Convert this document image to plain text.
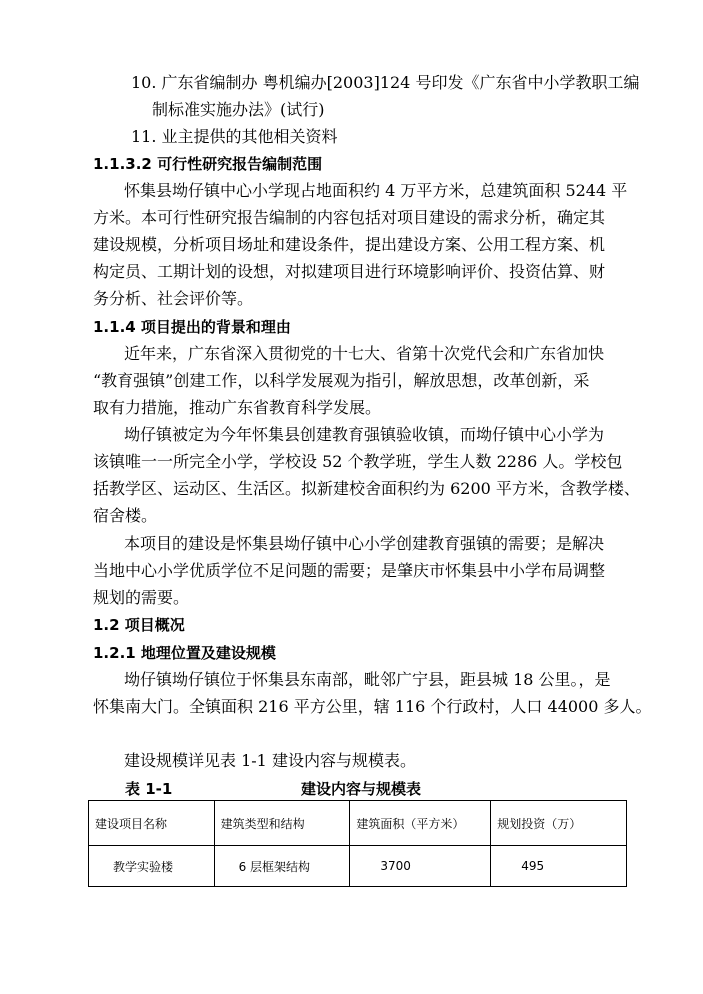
10. 广东省编制办 粤机编办[2003]124 号印发《广东省中小学教职工编
制标准实施办法》(试行)
11. 业主提供的其他相关资料
1.1.3.2 可行性研究报告编制范围
怀集县坳仔镇中心小学现占地面积约 4 万平方米，总建筑面积 5244 平
方米。本可行性研究报告编制的内容包括对项目建设的需求分析，确定其
建设规模，分析项目场址和建设条件，提出建设方案、公用工程方案、机
构定员、工期计划的设想，对拟建项目进行环境影响评价、投资估算、财
务分析、社会评价等。
1.1.4 项目提出的背景和理由
近年来，广东省深入贯彻党的十七大、省第十次党代会和广东省加快
“教育强镇”创建工作，以科学发展观为指引，解放思想，改革创新，采
取有力措施，推动广东省教育科学发展。
坳仔镇被定为今年怀集县创建教育强镇验收镇，而坳仔镇中心小学为
该镇唯一一所完全小学，学校设 52 个教学班，学生人数 2286 人。学校包
括教学区、运动区、生活区。拟新建校舍面积约为 6200 平方米，含教学楼、
宿舍楼。
本项目的建设是怀集县坳仔镇中心小学创建教育强镇的需要；是解决
当地中心小学优质学位不足问题的需要；是肇庆市怀集县中小学布局调整
规划的需要。
1.2 项目概况
1.2.1 地理位置及建设规模
坳仔镇坳仔镇位于怀集县东南部，毗邻广宁县，距县城 18 公里。，是
怀集南大门。全镇面积 216 平方公里，辖 116 个行政村，人口 44000 多人。
建设规模详见表 1-1 建设内容与规模表。
表 1-1	建设内容与规模表
建设项目名称	建筑类型和结构	建筑面积（平方米）	规划投资（万）
教学实验楼	6 层框架结构	3700	495
